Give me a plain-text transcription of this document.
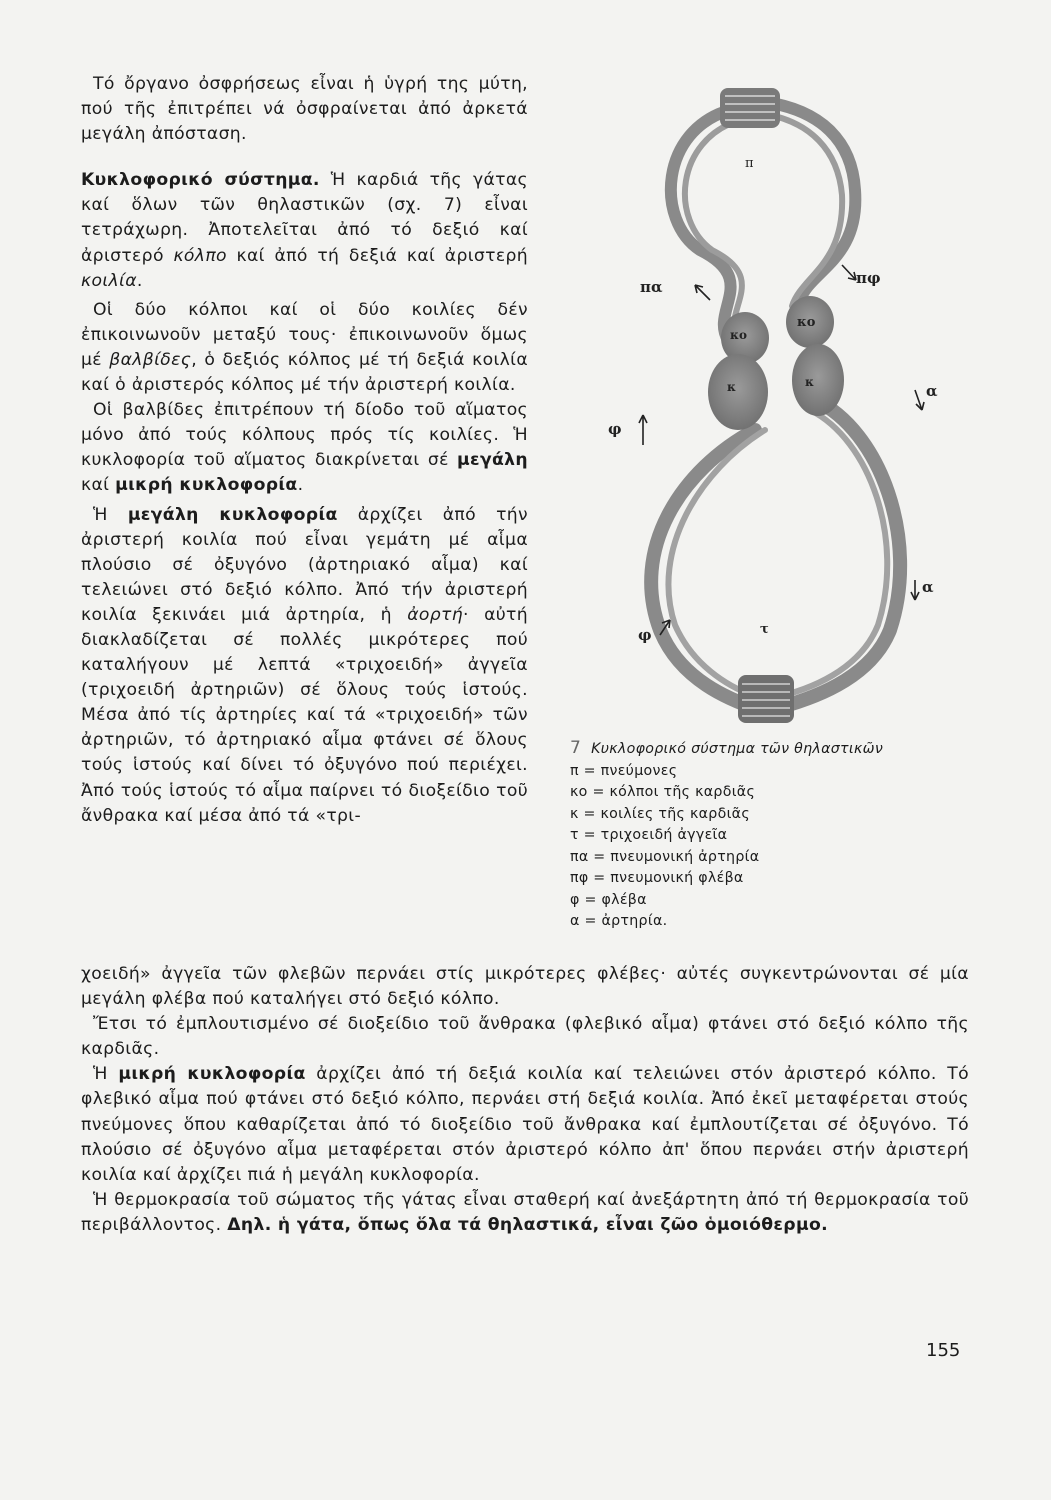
Τό ὄργανο ὀσφρήσεως εἶναι ἡ ὑγρή της μύτη, πού τῆς ἐπιτρέπει νά ὀσφραίνεται ἀπό ἀρκετά μεγάλη ἀπόσταση.

Κυκλοφορικό σύστημα. Ἡ καρδιά τῆς γάτας καί ὅλων τῶν θηλαστικῶν (σχ. 7) εἶναι τετράχωρη. Ἀποτελεῖται ἀπό τό δεξιό καί ἀριστερό κόλπο καί ἀπό τή δεξιά καί ἀριστερή κοιλία.

Οἱ δύο κόλποι καί οἱ δύο κοιλίες δέν ἐπικοινωνοῦν μεταξύ τους· ἐπικοινωνοῦν ὅμως μέ βαλβίδες, ὁ δεξιός κόλπος μέ τή δεξιά κοιλία καί ὁ ἀριστερός κόλπος μέ τήν ἀριστερή κοιλία.

Οἱ βαλβίδες ἐπιτρέπουν τή δίοδο τοῦ αἵματος μόνο ἀπό τούς κόλπους πρός τίς κοιλίες. Ἡ κυκλοφορία τοῦ αἵματος διακρίνεται σέ μεγάλη καί μικρή κυκλοφορία.

Ἡ μεγάλη κυκλοφορία ἀρχίζει ἀπό τήν ἀριστερή κοιλία πού εἶναι γεμάτη μέ αἷμα πλούσιο σέ ὀξυγόνο (ἀρτηριακό αἷμα) καί τελειώνει στό δεξιό κόλπο. Ἀπό τήν ἀριστερή κοιλία ξεκινάει μιά ἀρτηρία, ἡ ἀορτή· αὐτή διακλαδίζεται σέ πολλές μικρότερες πού καταλήγουν μέ λεπτά «τριχοειδή» ἀγγεῖα (τριχοειδή ἀρτηριῶν) σέ ὅλους τούς ἱστούς. Μέσα ἀπό τίς ἀρτηρίες καί τά «τριχοειδή» τῶν ἀρτηριῶν, τό ἀρτηριακό αἷμα φτάνει σέ ὅλους τούς ἱστούς καί δίνει τό ὀξυγόνο πού περιέχει. Ἀπό τούς ἱστούς τό αἷμα παίρνει τό διοξείδιο τοῦ ἄνθρακα καί μέσα ἀπό τά «τρι-

π
πα	πφ
κο
κο
κ	κ	α
α
φ
φ	τ
7 Κυκλοφορικό σύστημα τῶν θηλαστικῶν
π = πνεύμονες
κο = κόλποι τῆς καρδιᾶς
κ = κοιλίες τῆς καρδιᾶς
τ = τριχοειδή ἀγγεῖα
πα = πνευμονική ἀρτηρία
πφ = πνευμονική φλέβα
φ = φλέβα
α = ἀρτηρία.

χοειδή» ἀγγεῖα τῶν φλεβῶν περνάει στίς μικρότερες φλέβες· αὐτές συγκεντρώνονται σέ μία μεγάλη φλέβα πού καταλήγει στό δεξιό κόλπο.

Ἔτσι τό ἐμπλουτισμένο σέ διοξείδιο τοῦ ἄνθρακα (φλεβικό αἷμα) φτάνει στό δεξιό κόλπο τῆς καρδιᾶς.

Ἡ μικρή κυκλοφορία ἀρχίζει ἀπό τή δεξιά κοιλία καί τελειώνει στόν ἀριστερό κόλπο. Τό φλεβικό αἷμα πού φτάνει στό δεξιό κόλπο, περνάει στή δεξιά κοιλία. Ἀπό ἐκεῖ μεταφέρεται στούς πνεύμονες ὅπου καθαρίζεται ἀπό τό διοξείδιο τοῦ ἄνθρακα καί ἐμπλουτίζεται σέ ὀξυγόνο. Τό πλούσιο σέ ὀξυγόνο αἷμα μεταφέρεται στόν ἀριστερό κόλπο ἀπ' ὅπου περνάει στήν ἀριστερή κοιλία καί ἀρχίζει πιά ἡ μεγάλη κυκλοφορία.

Ἡ θερμοκρασία τοῦ σώματος τῆς γάτας εἶναι σταθερή καί ἀνεξάρτητη ἀπό τή θερμοκρασία τοῦ περιβάλλοντος. Δηλ. ἡ γάτα, ὅπως ὅλα τά θηλαστικά, εἶναι ζῶο ὁμοιόθερμο.

155
